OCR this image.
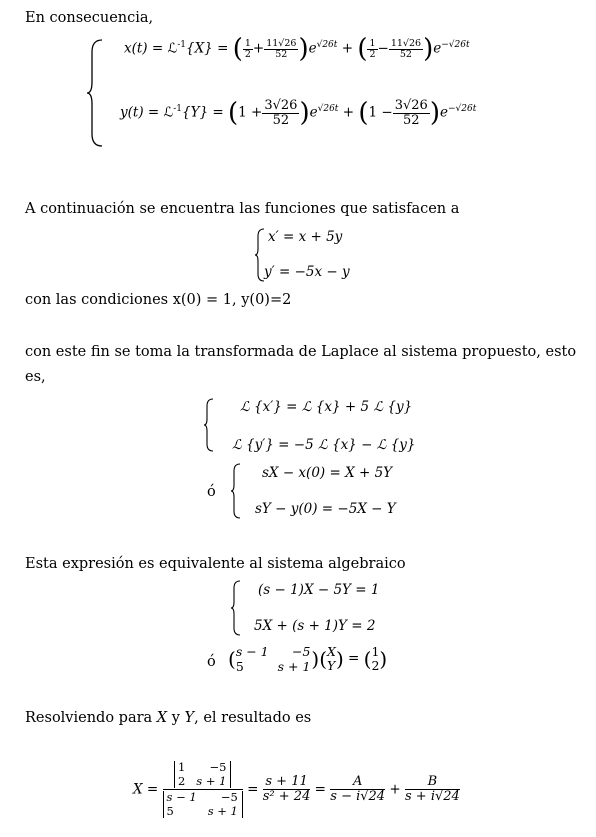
En consecuencia,
x(t) = ℒ$^{-1}${X} = ( $\frac{1}{2} + \frac{11√26}{52} )e^{√26t}$ + ( $\frac{1}{2} - \frac{11√26}{52} )e^{-√26t}$
y(t) = ℒ$^{-1}${Y} = $(1 + \frac{3√26}{52} )e^{√26t} + (1 - \frac{3√26}{52} )e^{-√26t}$
A continuación se encuentra las funciones que satisfacen a
x′ = x + 5y
y′ = −5x − y
con las condiciones x(0) = 1, y(0)=2
con este fin se toma la transformada de Laplace al sistema propuesto, esto
es,
ℒ {x′} = ℒ {x} + 5 ℒ {y}
ℒ {y′} = −5 ℒ {x} − ℒ {y}
ó
sX − x(0) = X + 5Y
sY − y(0) = −5X − Y
Esta expresión es equivalente al sistema algebraico
(s − 1)X − 5Y = 1
5X + (s + 1)Y = 2
ó ( s − 1	−5
5	s + 1 )( X
Y ) = ( 1
2 )
Resolviendo para X y Y, el resultado es
X = 1	−5
2	s + 1
s − 1	−5
5	$s + 1 = \frac{s + 11}{\text{s² + 24}} = \frac{A}{s - i√24} + \frac{B}{s + i√24}$
